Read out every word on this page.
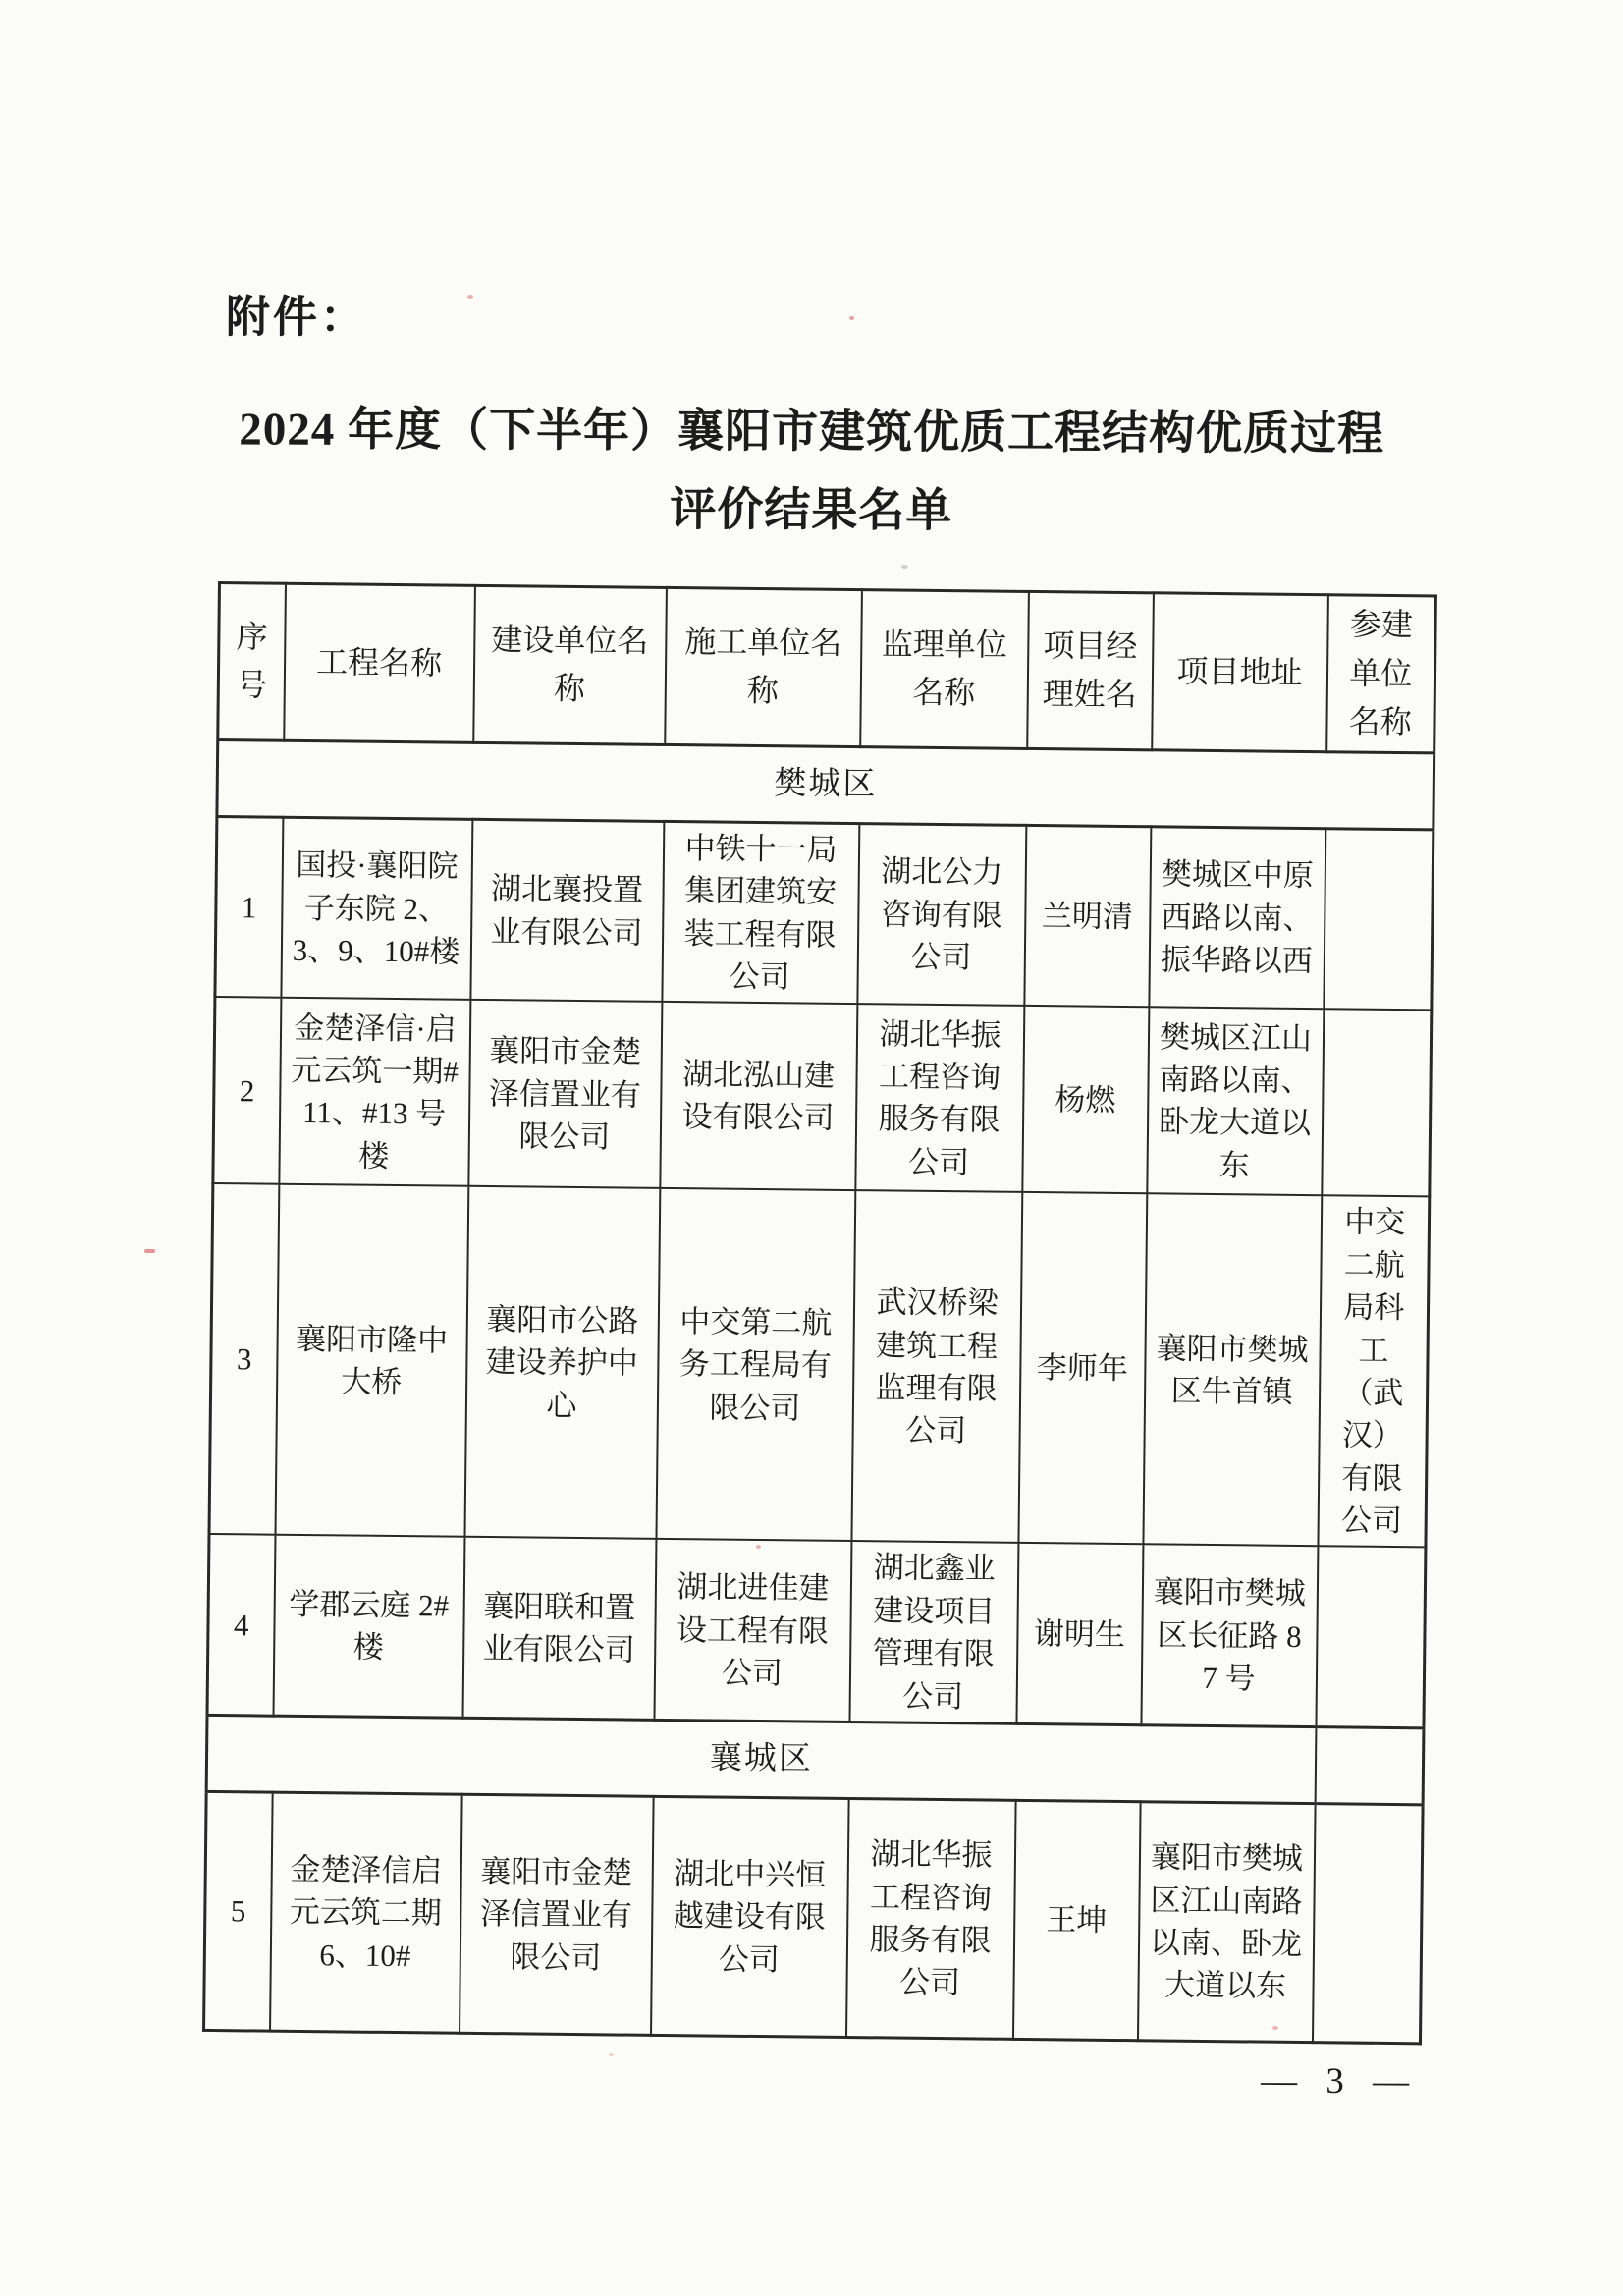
附件：
2024 年度（下半年）襄阳市建筑优质工程结构优质过程
评价结果名单
序号	工程名称	建设单位名称	施工单位名称	监理单位名称	项目经理姓名	项目地址	参建单位名称
樊城区							
1	国投·襄阳院子东院 2、3、9、10#楼	湖北襄投置业有限公司	中铁十一局集团建筑安装工程有限公司	湖北公力咨询有限公司	兰明清	樊城区中原西路以南、振华路以西	
2	金楚泽信·启元云筑一期#11、#13 号楼	襄阳市金楚泽信置业有限公司	湖北泓山建设有限公司	湖北华振工程咨询服务有限公司	杨燃	樊城区江山南路以南、卧龙大道以东	
3	襄阳市隆中大桥	襄阳市公路建设养护中心	中交第二航务工程局有限公司	武汉桥梁建筑工程监理有限公司	李师年	襄阳市樊城区牛首镇	中交二航局科工（武汉）有限公司
4	学郡云庭 2#楼	襄阳联和置业有限公司	湖北进佳建设工程有限公司	湖北鑫业建设项目管理有限公司	谢明生	襄阳市樊城区长征路 87 号	
襄城区							
5	金楚泽信启元云筑二期 6、10#	襄阳市金楚泽信置业有限公司	湖北中兴恒越建设有限公司	湖北华振工程咨询服务有限公司	王坤	襄阳市樊城区江山南路以南、卧龙大道以东	
— 3 —
